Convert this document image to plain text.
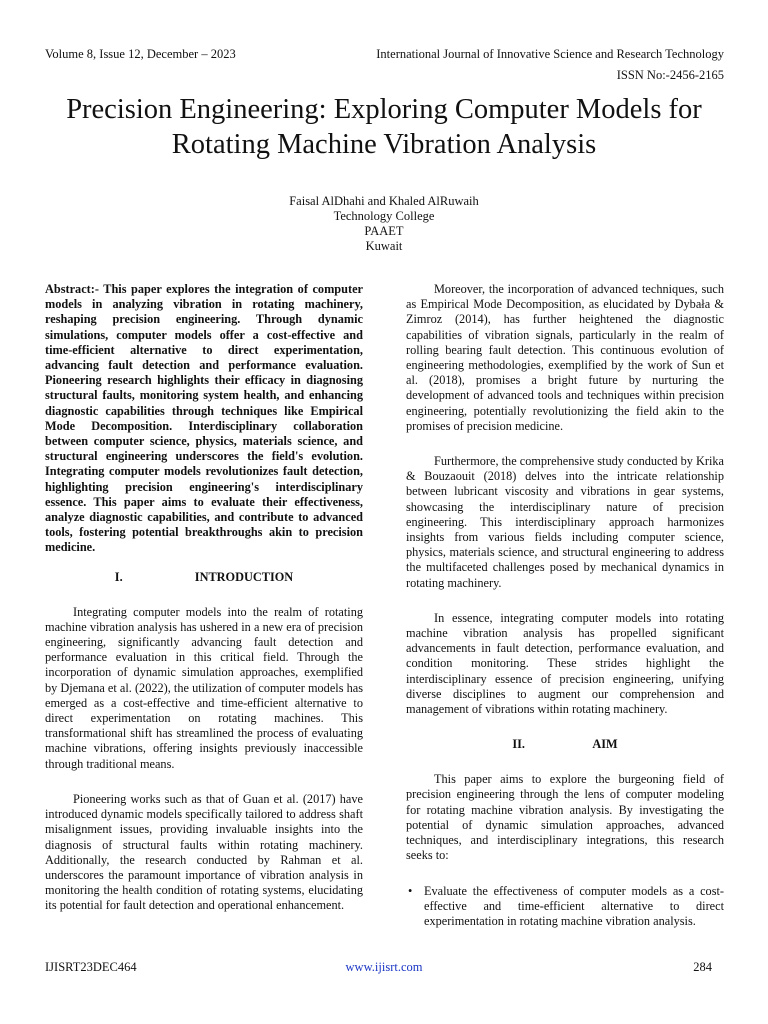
Volume 8, Issue 12, December – 2023	International Journal of Innovative Science and Research Technology
ISSN No:-2456-2165
Precision Engineering: Exploring Computer Models for Rotating Machine Vibration Analysis
Faisal AlDhahi and Khaled AlRuwaih
Technology College
PAAET
Kuwait

Abstract:- This paper explores the integration of computer models in analyzing vibration in rotating machinery, reshaping precision engineering. Through dynamic simulations, computer models offer a cost-effective and time-efficient alternative to direct experimentation, advancing fault detection and performance evaluation. Pioneering research highlights their efficacy in diagnosing structural faults, monitoring system health, and enhancing diagnostic capabilities through techniques like Empirical Mode Decomposition. Interdisciplinary collaboration between computer science, physics, materials science, and structural engineering underscores the field's evolution. Integrating computer models revolutionizes fault detection, highlighting precision engineering's interdisciplinary essence. This paper aims to evaluate their effectiveness, analyze diagnostic capabilities, and contribute to advanced tools, fostering potential breakthroughs akin to precision medicine.

I.	INTRODUCTION

Integrating computer models into the realm of rotating machine vibration analysis has ushered in a new era of precision engineering, significantly advancing fault detection and performance evaluation in this critical field. Through the incorporation of dynamic simulation approaches, exemplified by Djemana et al. (2022), the utilization of computer models has emerged as a cost-effective and time-efficient alternative to direct experimentation on rotating machines. This transformational shift has streamlined the process of evaluating machine vibrations, offering insights previously inaccessible through traditional means.

Pioneering works such as that of Guan et al. (2017) have introduced dynamic models specifically tailored to address shaft misalignment issues, providing invaluable insights into the diagnosis of structural faults within rotating machinery. Additionally, the research conducted by Rahman et al. underscores the paramount importance of vibration analysis in monitoring the health condition of rotating systems, elucidating its potential for fault detection and operational enhancement.

Moreover, the incorporation of advanced techniques, such as Empirical Mode Decomposition, as elucidated by Dybała & Zimroz (2014), has further heightened the diagnostic capabilities of vibration signals, particularly in the realm of rolling bearing fault detection. This continuous evolution of engineering methodologies, exemplified by the work of Sun et al. (2018), promises a bright future by nurturing the development of advanced tools and techniques within precision engineering, potentially revolutionizing the field akin to the promises of precision medicine.

Furthermore, the comprehensive study conducted by Krika & Bouzaouit (2018) delves into the intricate relationship between lubricant viscosity and vibrations in gear systems, showcasing the interdisciplinary nature of precision engineering. This interdisciplinary approach harmonizes insights from various fields including computer science, physics, materials science, and structural engineering to address the multifaceted challenges posed by mechanical dynamics in rotating machinery.

In essence, integrating computer models into rotating machine vibration analysis has propelled significant advancements in fault detection, performance evaluation, and condition monitoring. These strides highlight the interdisciplinary essence of precision engineering, unifying diverse disciplines to augment our comprehension and management of vibrations within rotating machinery.

II.	AIM

This paper aims to explore the burgeoning field of precision engineering through the lens of computer modeling for rotating machine vibration analysis. By investigating the potential of dynamic simulation approaches, advanced techniques, and interdisciplinary integrations, this research seeks to:

• Evaluate the effectiveness of computer models as a cost-effective and time-efficient alternative to direct experimentation in rotating machine vibration analysis.
IJISRT23DEC464	www.ijisrt.com	284
